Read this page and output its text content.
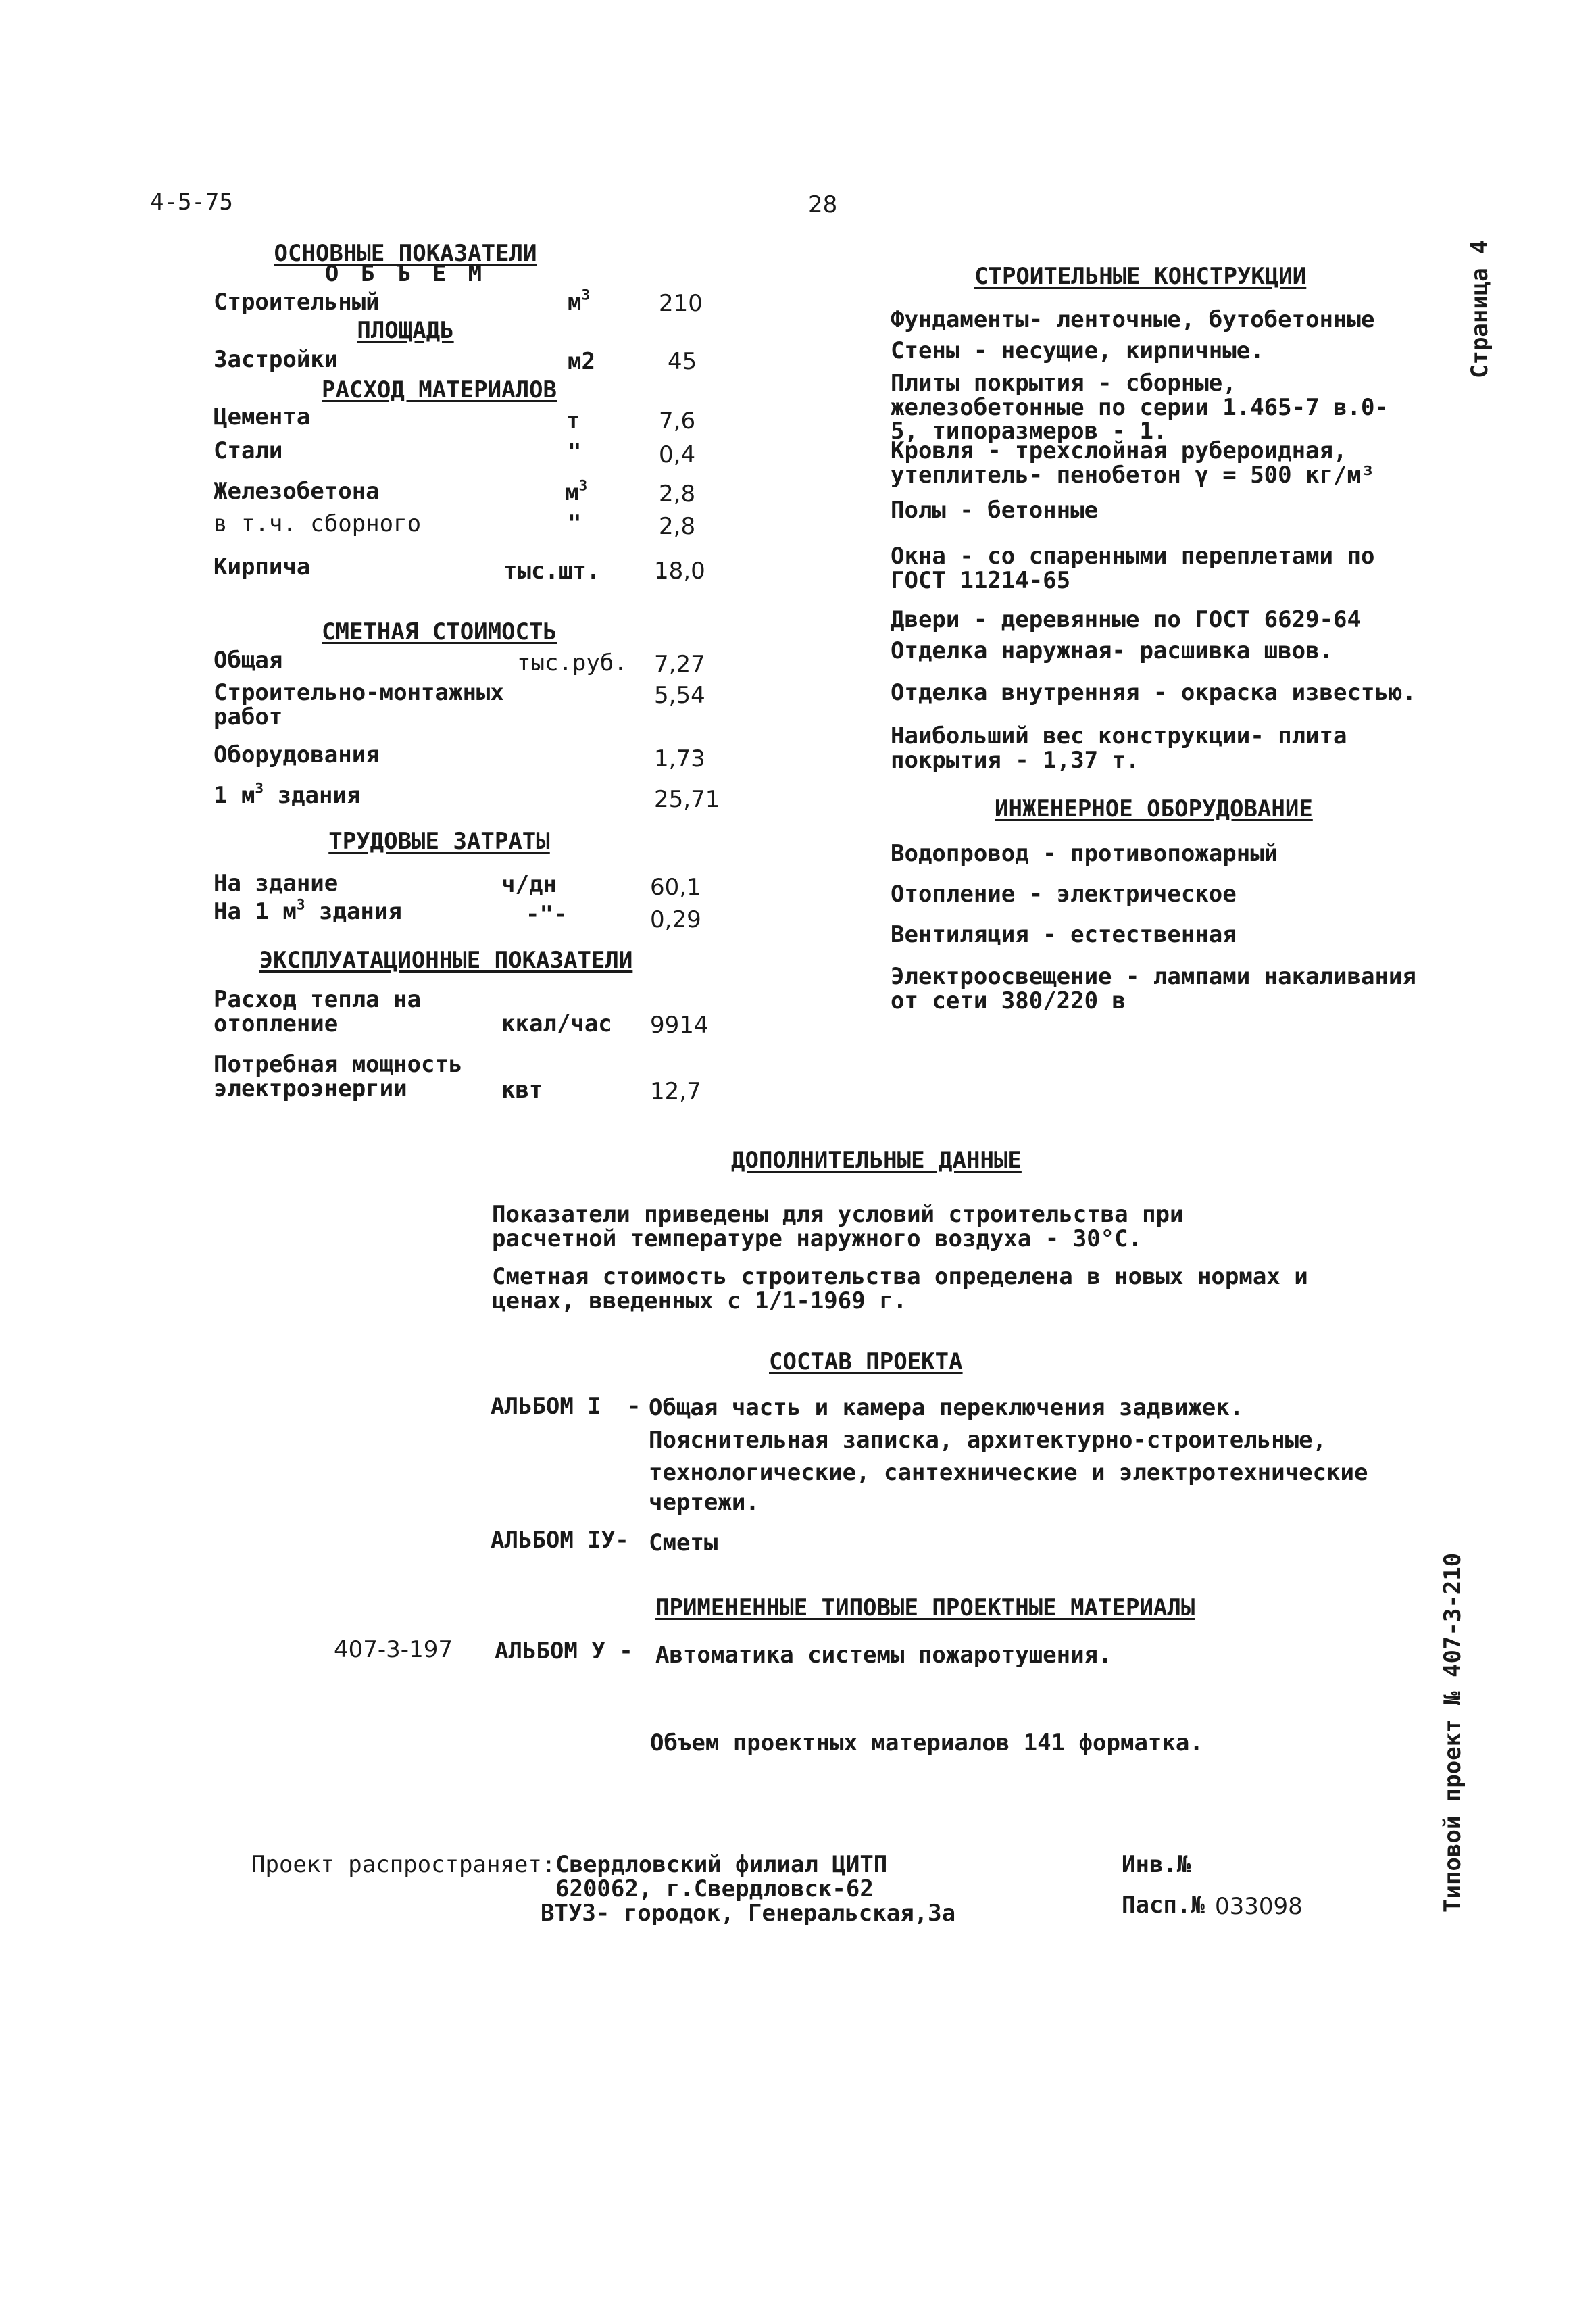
4-5-75	28
Страница 4
Типовой проект № 407-3-210
ОСНОВНЫЕ ПОКАЗАТЕЛИ
О Б Ъ Е М
Строительный	$м^3$	210
ПЛОЩАДЬ
Застройки	м2	45
РАСХОД МАТЕРИАЛОВ
Цемента	т	7,6
Стали	"	0,4
Железобетона	$м^3$	2,8
в т.ч. сборного	"	2,8
Кирпича	тыс.шт. 18,0
СМЕТНАЯ СТОИМОСТЬ
Общая	тыс.руб. 7,27
Строительно-монтажных работ
5,54
Оборудования	1,73
1 $м^3$ здания	25,71
ТРУДОВЫЕ ЗАТРАТЫ
На здание	ч/дн	60,1
На 1 $м^3$ здания	-"-	0,29
ЭКСПЛУАТАЦИОННЫЕ ПОКАЗАТЕЛИ
Расход тепла на отопление	ккал/час 9914
Потребная мощность электроэнергии	квт	12,7
СТРОИТЕЛЬНЫЕ КОНСТРУКЦИИ
Фундаменты- ленточные, бутобетонные
Стены - несущие, кирпичные.
Плиты покрытия - сборные, железобетонные по серии 1.465-7 в.0-5, типоразмеров - 1.
Кровля - трехслойная рубероидная, утеплитель- пенобетон γ = 500 кг/м³
Полы - бетонные
Окна - со спаренными переплетами по ГОСТ 11214-65
Двери - деревянные по ГОСТ 6629-64
Отделка наружная- расшивка швов.
Отделка внутренняя - окраска известью.
Наибольший вес конструкции- плита покрытия - 1,37 т.
ИНЖЕНЕРНОЕ ОБОРУДОВАНИЕ
Водопровод - противопожарный
Отопление - электрическое
Вентиляция - естественная
Электроосвещение - лампами накаливания от сети 380/220 в
ДОПОЛНИТЕЛЬНЫЕ ДАННЫЕ
Показатели приведены для условий строительства при расчетной температуре наружного воздуха - 30°С.
Сметная стоимость строительства определена в новых нормах и ценах, введенных с 1/1-1969 г.
СОСТАВ ПРОЕКТА
АЛЬБОМ I - Общая часть и камера переключения задвижек.
Пояснительная записка, архитектурно-строительные,
технологические, сантехнические и электротехнические
чертежи.
АЛЬБОМ IУ- Сметы
ПРИМЕНЕННЫЕ ТИПОВЫЕ ПРОЕКТНЫЕ МАТЕРИАЛЫ
407-3-197 АЛЬБОМ У - Автоматика системы пожаротушения.
Объем проектных материалов 141 форматка.
Проект распространяет: Свердловский филиал ЦИТП
620062, г.Свердловск-62
ВТУЗ- городок, Генеральская,3а
Инв.№
Пасп.№ 033098
